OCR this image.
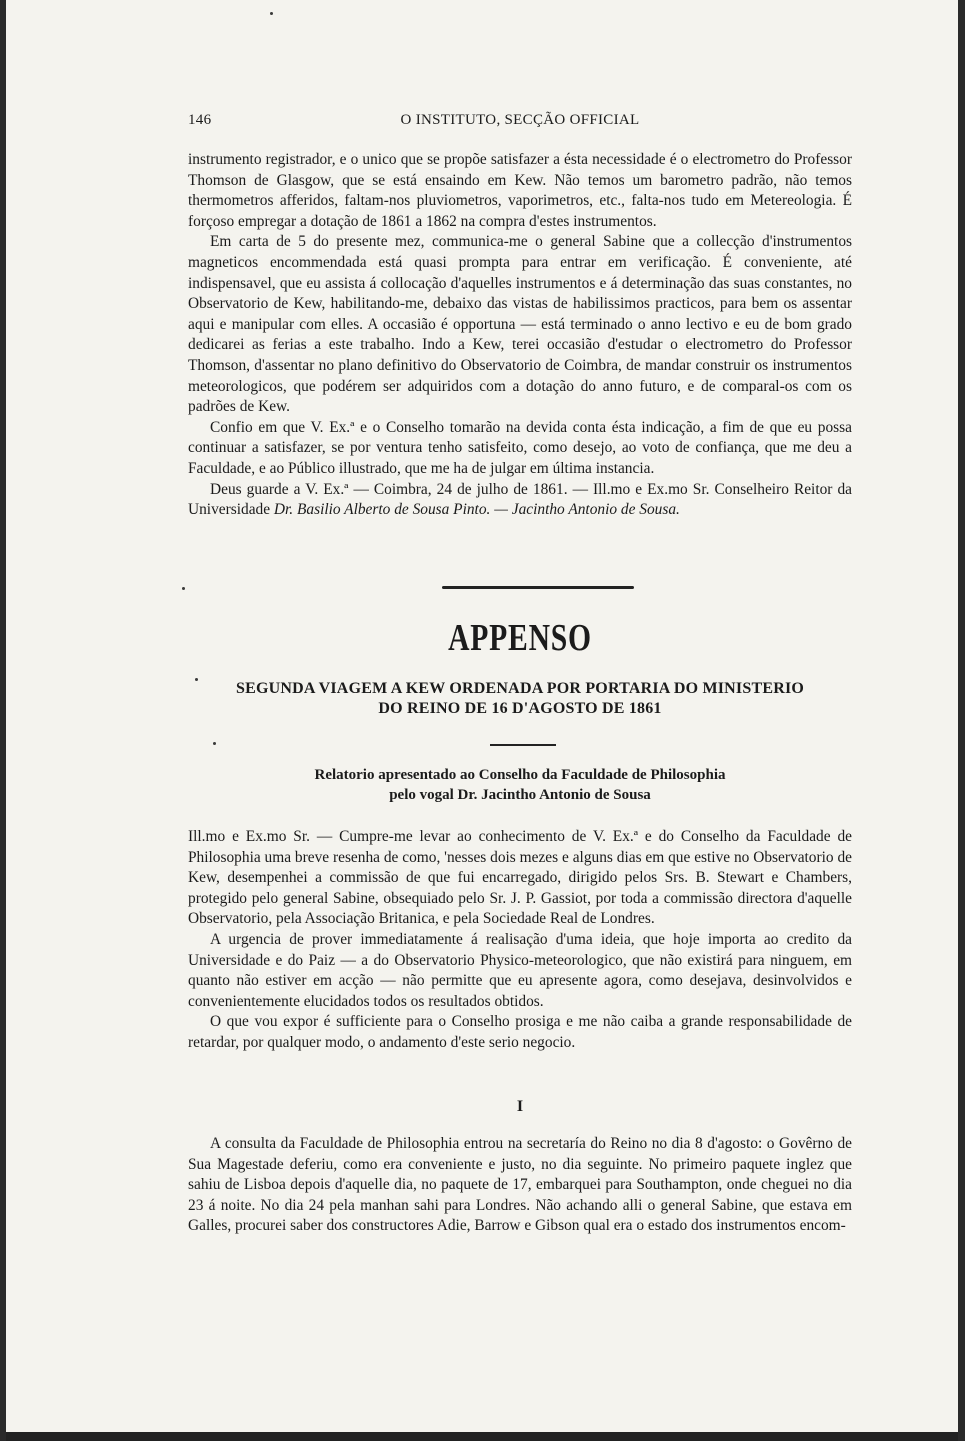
146	O INSTITUTO, SECÇÃO OFFICIAL

instrumento registrador, e o unico que se propõe satisfazer a ésta necessidade é o electrometro do Professor Thomson de Glasgow, que se está ensaindo em Kew. Não temos um barometro padrão, não temos thermometros afferidos, faltam-nos pluviometros, vaporimetros, etc., falta-nos tudo em Metereologia. É forçoso empregar a dotação de 1861 a 1862 na compra d'estes instrumentos.

Em carta de 5 do presente mez, communica-me o general Sabine que a collecção d'instrumentos magneticos encommendada está quasi prompta para entrar em verificação. É conveniente, até indispensavel, que eu assista á collocação d'aquelles instrumentos e á determinação das suas constantes, no Observatorio de Kew, habilitando-me, debaixo das vistas de habilissimos practicos, para bem os assentar aqui e manipular com elles. A occasião é opportuna — está terminado o anno lectivo e eu de bom grado dedicarei as ferias a este trabalho. Indo a Kew, terei occasião d'estudar o electrometro do Professor Thomson, d'assentar no plano definitivo do Observatorio de Coimbra, de mandar construir os instrumentos meteorologicos, que podérem ser adquiridos com a dotação do anno futuro, e de comparal-os com os padrões de Kew.

Confio em que V. Ex.ª e o Conselho tomarão na devida conta ésta indicação, a fim de que eu possa continuar a satisfazer, se por ventura tenho satisfeito, como desejo, ao voto de confiança, que me deu a Faculdade, e ao Público illustrado, que me ha de julgar em última instancia.

Deus guarde a V. Ex.ª — Coimbra, 24 de julho de 1861. — Ill.mo e Ex.mo Sr. Conselheiro Reitor da Universidade Dr. Basilio Alberto de Sousa Pinto. — Jacintho Antonio de Sousa.

APPENSO
SEGUNDA VIAGEM A KEW ORDENADA POR PORTARIA DO MINISTERIO
DO REINO DE 16 D'AGOSTO DE 1861
Relatorio apresentado ao Conselho da Faculdade de Philosophia
pelo vogal Dr. Jacintho Antonio de Sousa

Ill.mo e Ex.mo Sr. — Cumpre-me levar ao conhecimento de V. Ex.ª e do Conselho da Faculdade de Philosophia uma breve resenha de como, 'nesses dois mezes e alguns dias em que estive no Observatorio de Kew, desempenhei a commissão de que fui encarregado, dirigido pelos Srs. B. Stewart e Chambers, protegido pelo general Sabine, obsequiado pelo Sr. J. P. Gassiot, por toda a commissão directora d'aquelle Observatorio, pela Associação Britanica, e pela Sociedade Real de Londres.

A urgencia de prover immediatamente á realisação d'uma ideia, que hoje importa ao credito da Universidade e do Paiz — a do Observatorio Physico-meteorologico, que não existirá para ninguem, em quanto não estiver em acção — não permitte que eu apresente agora, como desejava, desinvolvidos e convenientemente elucidados todos os resultados obtidos.

O que vou expor é sufficiente para o Conselho prosiga e me não caiba a grande responsabilidade de retardar, por qualquer modo, o andamento d'este serio negocio.

I

A consulta da Faculdade de Philosophia entrou na secretaría do Reino no dia 8 d'agosto: o Govêrno de Sua Magestade deferiu, como era conveniente e justo, no dia seguinte. No primeiro paquete inglez que sahiu de Lisboa depois d'aquelle dia, no paquete de 17, embarquei para Southampton, onde cheguei no dia 23 á noite. No dia 24 pela manhan sahi para Londres. Não achando alli o general Sabine, que estava em Galles, procurei saber dos constructores Adie, Barrow e Gibson qual era o estado dos instrumentos encom-
